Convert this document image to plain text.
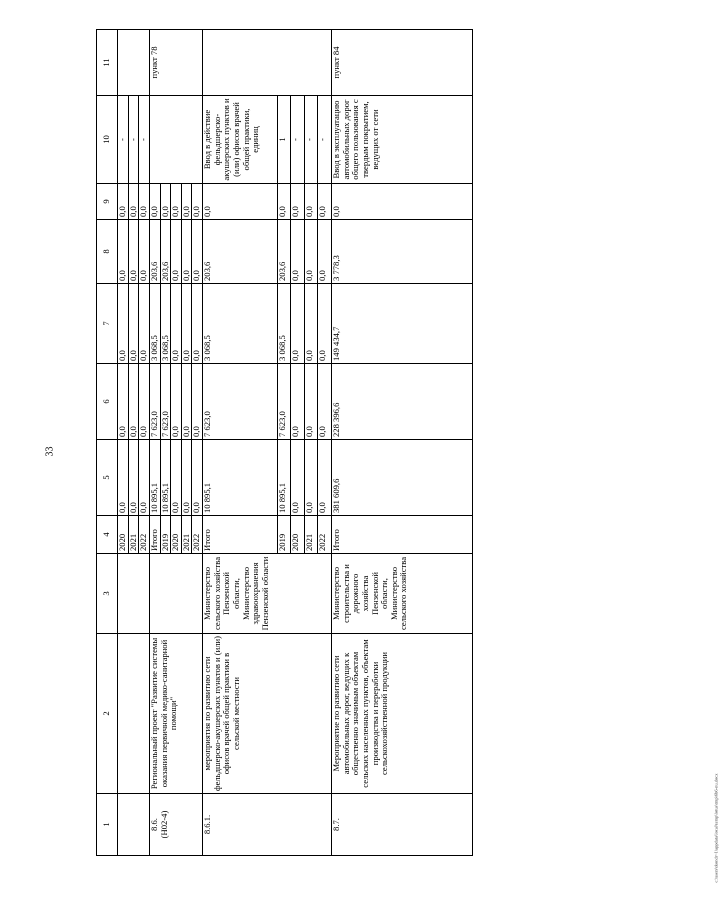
33
1	2	3	4	5	6	7	8	9	10	11
			2020	0,0	0,0	0,0	0,0	0,0	-	
			2021	0,0	0,0	0,0	0,0	0,0	-	
			2022	0,0	0,0	0,0	0,0	0,0	-	
8.6.
(Н02-4)	Региональный проект "Развитие системы оказания первичной медико-санитарной помощи"		Итого	10 895,1	7 623,0	3 068,5	203,6	0,0		пункт 78
			2019	10 895,1	7 623,0	3 068,5	203,6	0,0		
			2020	0,0	0,0	0,0	0,0	0,0		
			2021	0,0	0,0	0,0	0,0	0,0		
			2022	0,0	0,0	0,0	0,0	0,0		
8.6.1.	мероприятия по развитию сети фельдшерско-акушерских пунктов и (или) офисов врачей общей практики в сельской местности	Министерство сельского хозяйства Пензенской области, Министерство здравоохранения Пензенской области	Итого	10 895,1	7 623,0	3 068,5	203,6	0,0	Ввод в действие фельдшерско-акушерских пунктов и (или) офисов врачей общей практики, единиц	
			2019	10 895,1	7 623,0	3 068,5	203,6	0,0	1	
			2020	0,0	0,0	0,0	0,0	0,0	-	
			2021	0,0	0,0	0,0	0,0	0,0	-	
			2022	0,0	0,0	0,0	0,0	0,0	-	
8.7.	Мероприятие по развитию сети автомобильных дорог, ведущих к общественно значимым объектам сельских населенных пунктов, объектам производства и переработки сельскохозяйственной продукции	Министерство строительства и дорожного хозяйства Пензенской области, Министерство сельского хозяйства	Итого	381 609,6	228 396,6	149 434,7	3 778,3	0,0	Ввод в эксплуатацию автомобильных дорог общего пользования с твердым покрытием, ведущих от сети	пункт 84
c:\users\tkondr~1\appdata\local\temp\lotus\tmp\6b6-nu.docx
